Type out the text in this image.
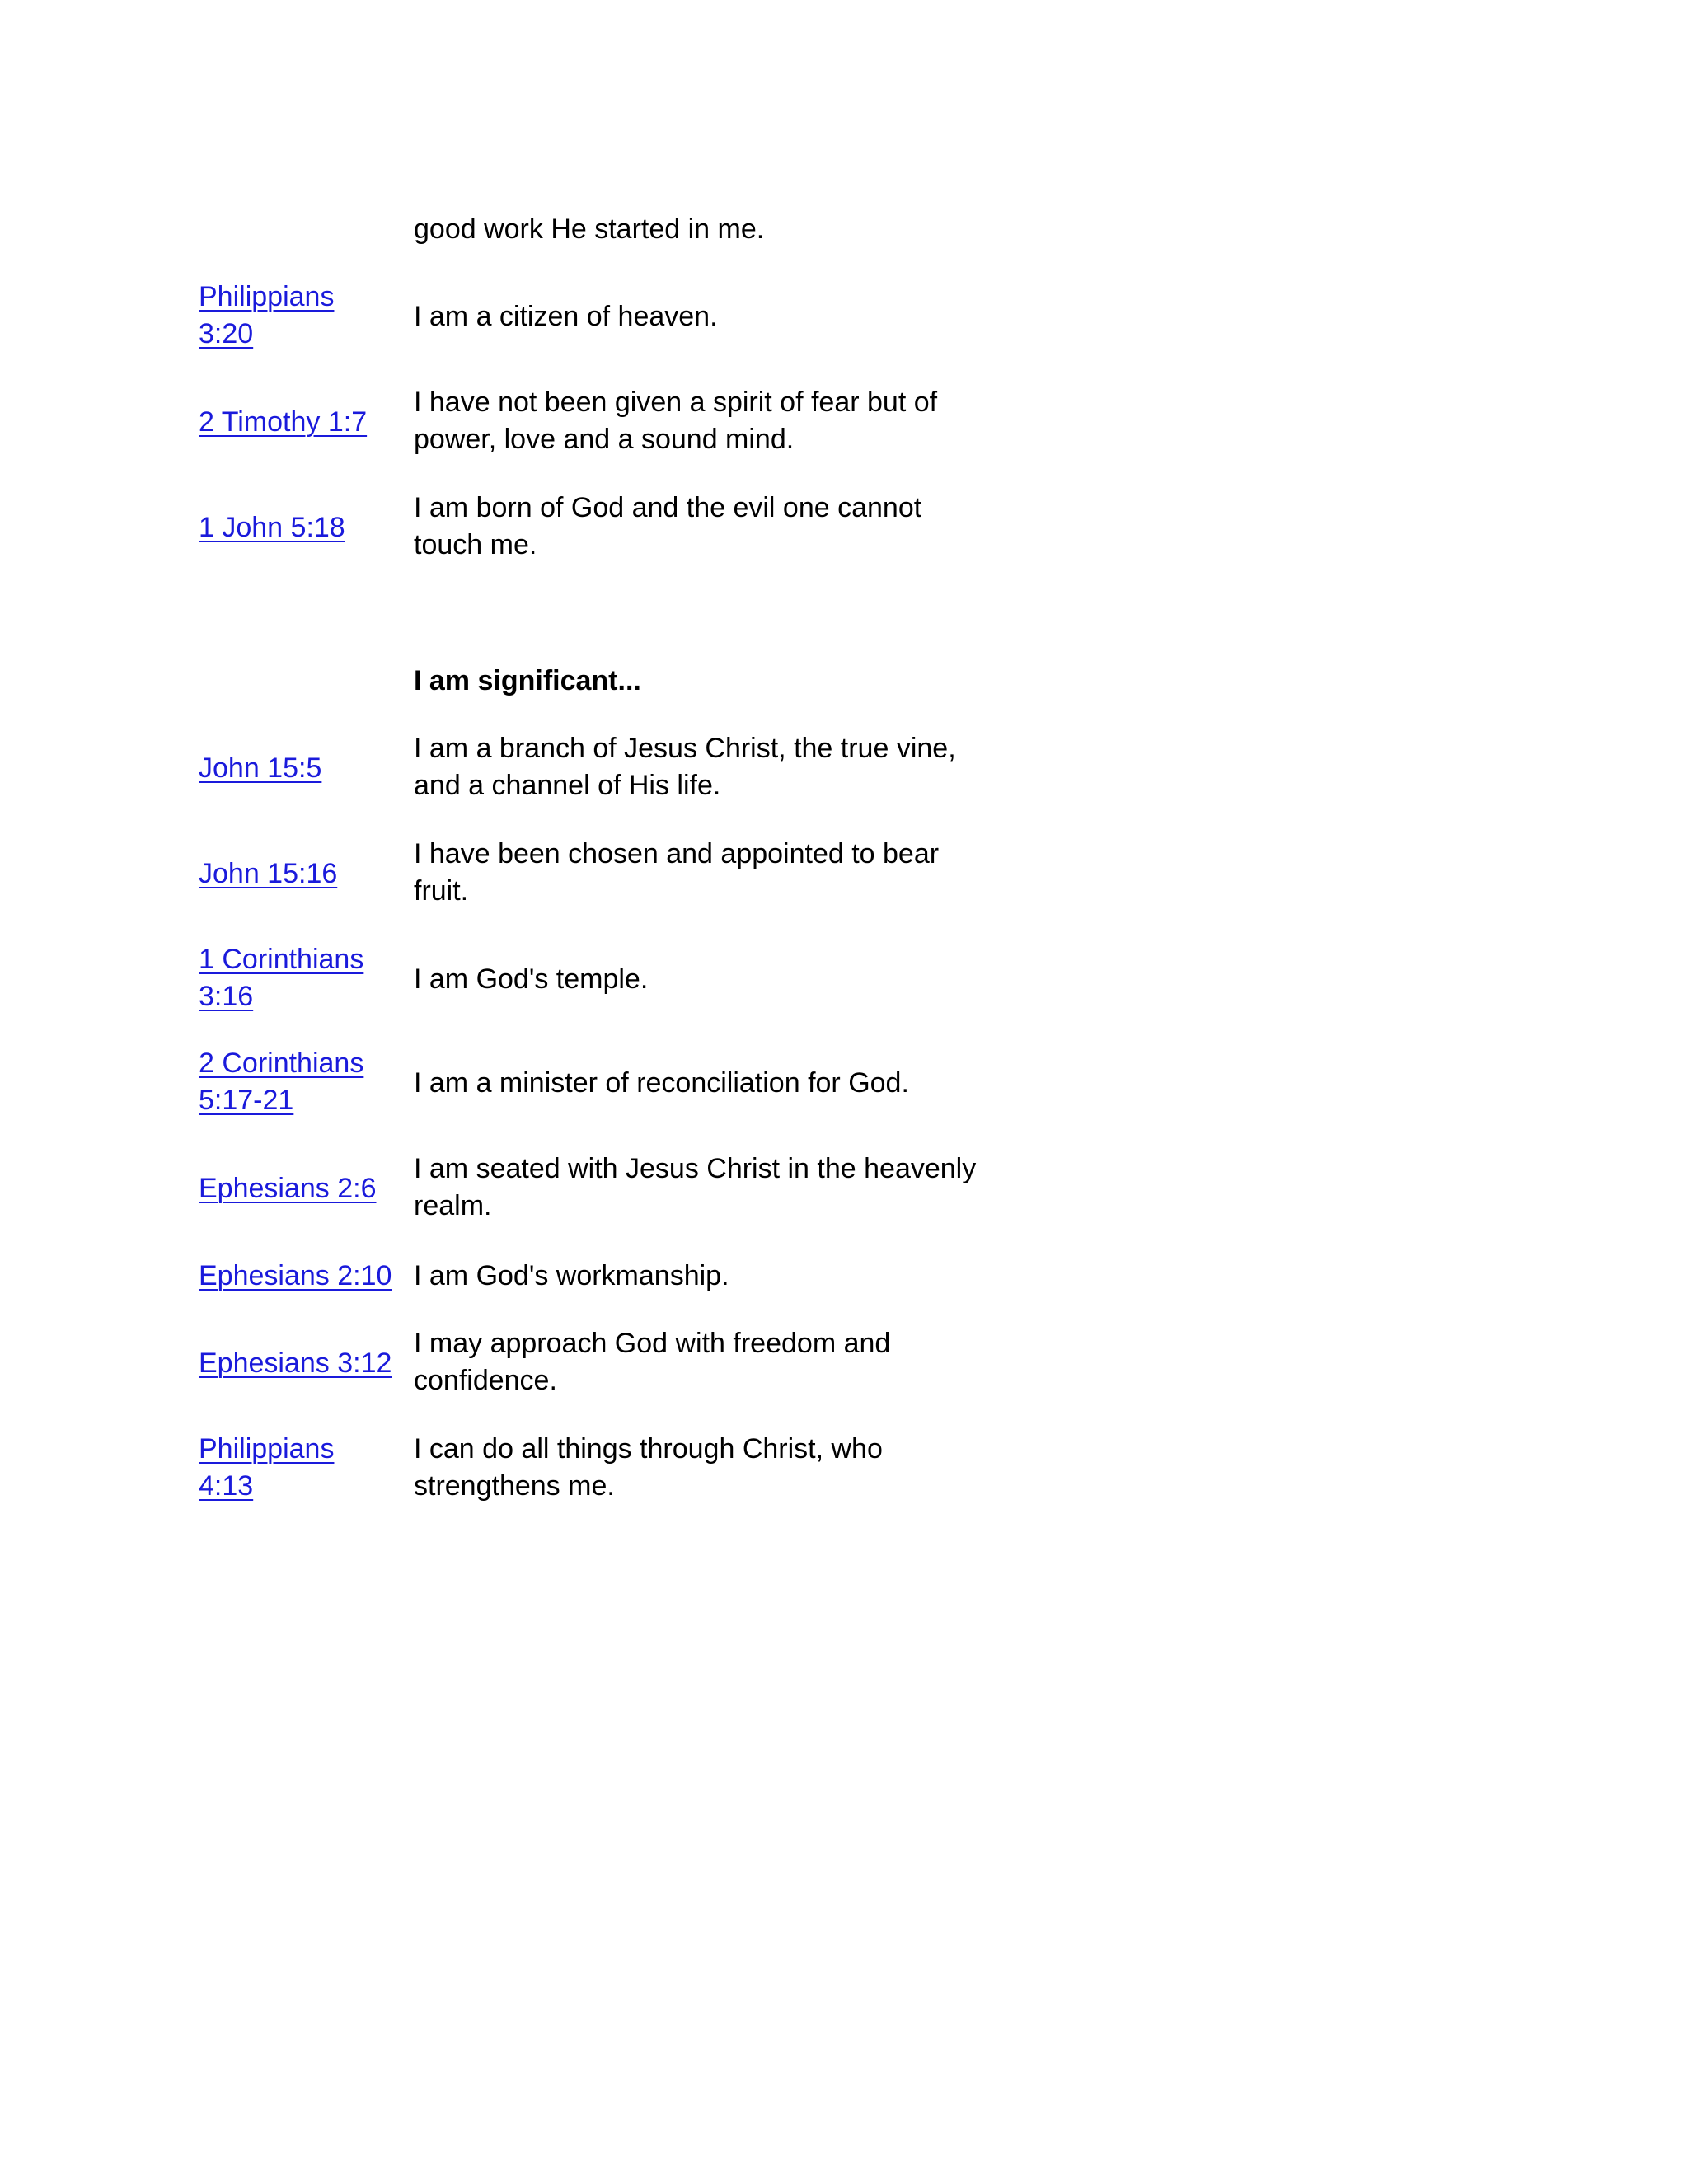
good work He started in me.
Philippians 3:20
I am a citizen of heaven.
2 Timothy 1:7
I have not been given a spirit of fear but of power, love and a sound mind.
1 John 5:18
I am born of God and the evil one cannot touch me.
I am significant...
John 15:5
I am a branch of Jesus Christ, the true vine, and a channel of His life.
John 15:16
I have been chosen and appointed to bear fruit.
1 Corinthians 3:16
I am God's temple.
2 Corinthians 5:17-21
I am a minister of reconciliation for God.
Ephesians 2:6
I am seated with Jesus Christ in the heavenly realm.
Ephesians 2:10 I am God's workmanship.
Ephesians 3:12
I may approach God with freedom and confidence.
Philippians 4:13
I can do all things through Christ, who strengthens me.
